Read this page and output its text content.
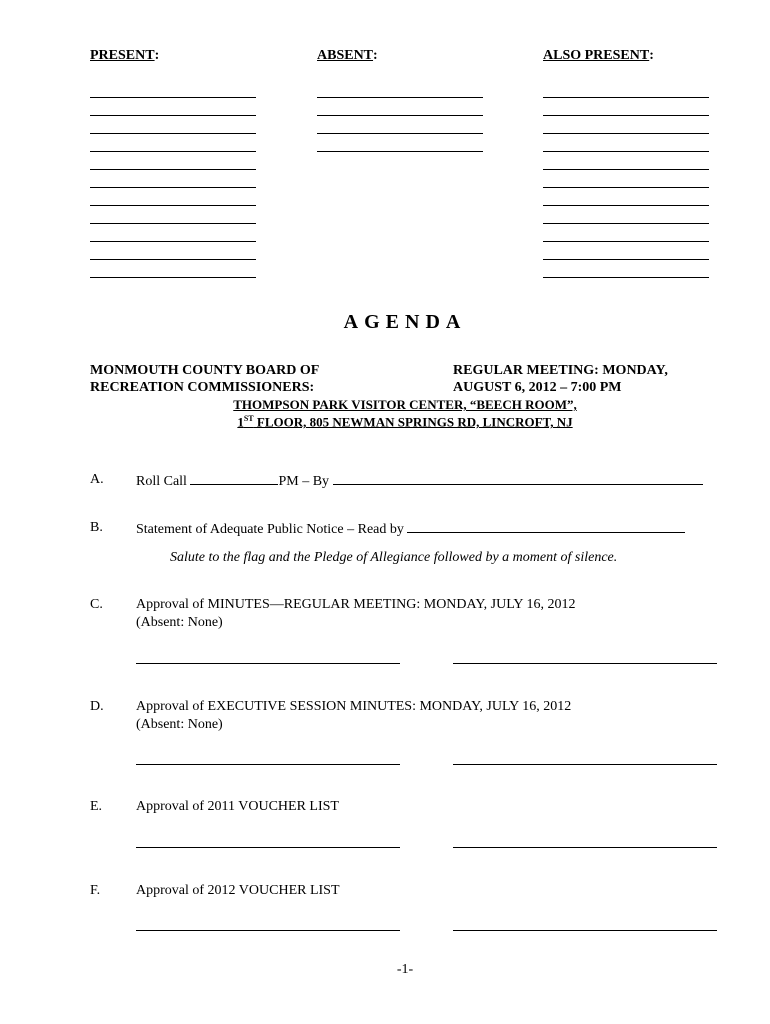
PRESENT:	ABSENT:	ALSO PRESENT:
AGENDA
MONMOUTH COUNTY BOARD OF
RECREATION COMMISSIONERS:
REGULAR MEETING: MONDAY,
AUGUST 6, 2012 – 7:00 PM
THOMPSON PARK VISITOR CENTER, “BEECH ROOM”,
1ST FLOOR, 805 NEWMAN SPRINGS RD, LINCROFT, NJ
A. Roll Call	PM – By
B. Statement of Adequate Public Notice – Read by
Salute to the flag and the Pledge of Allegiance followed by a moment of silence.
C. Approval of MINUTES—REGULAR MEETING: MONDAY, JULY 16, 2012
(Absent: None)
D. Approval of EXECUTIVE SESSION MINUTES: MONDAY, JULY 16, 2012
(Absent: None)
E. Approval of 2011 VOUCHER LIST
F.	Approval of 2012 VOUCHER LIST
-1-
